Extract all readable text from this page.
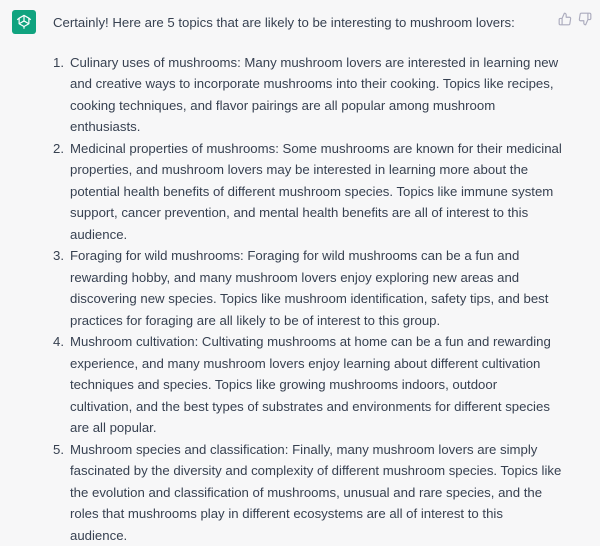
Certainly! Here are 5 topics that are likely to be interesting to mushroom lovers:

1. Culinary uses of mushrooms: Many mushroom lovers are interested in learning new and creative ways to incorporate mushrooms into their cooking. Topics like recipes, cooking techniques, and flavor pairings are all popular among mushroom enthusiasts.
2. Medicinal properties of mushrooms: Some mushrooms are known for their medicinal properties, and mushroom lovers may be interested in learning more about the potential health benefits of different mushroom species. Topics like immune system support, cancer prevention, and mental health benefits are all of interest to this audience.
3. Foraging for wild mushrooms: Foraging for wild mushrooms can be a fun and rewarding hobby, and many mushroom lovers enjoy exploring new areas and discovering new species. Topics like mushroom identification, safety tips, and best practices for foraging are all likely to be of interest to this group.
4. Mushroom cultivation: Cultivating mushrooms at home can be a fun and rewarding experience, and many mushroom lovers enjoy learning about different cultivation techniques and species. Topics like growing mushrooms indoors, outdoor cultivation, and the best types of substrates and environments for different species are all popular.
5. Mushroom species and classification: Finally, many mushroom lovers are simply fascinated by the diversity and complexity of different mushroom species. Topics like the evolution and classification of mushrooms, unusual and rare species, and the roles that mushrooms play in different ecosystems are all of interest to this audience.
